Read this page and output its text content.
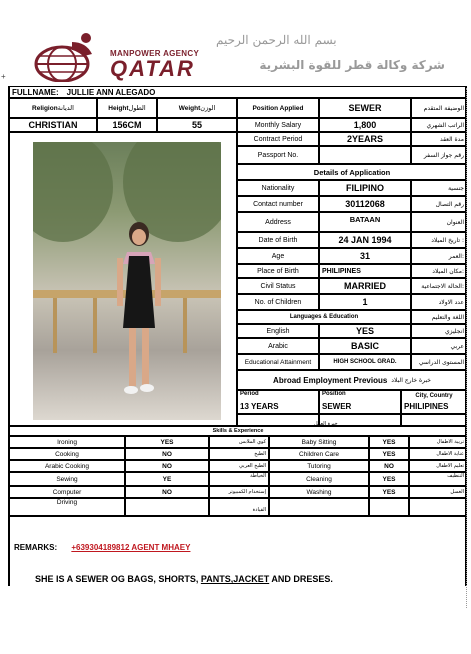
بسم الله الرحمن الرحيم
MANPOWER AGENCY
QATAR	شركة وكالة قطر للقوة البشرية
+
FULLNAME: JULLIE ANN ALEGADO
Religion الديانة	Height الطول	Weight الوزن	Position Applied	SEWER	الوضيفة المتقدم
CHRISTIAN	156CM	55	Monthly Salary	1,800	الراتب الشهري
Contract Period	2YEARS	مدة العقد
Passport No.	رقم جواز السفر
Details of Application
Nationality	FILIPINO	جنسية
Contact number	30112068	رقم التصال
Address	BATAAN	العنوان
Date of Birth	24 JAN 1994	تاريخ الميلاد :
Age	31	العمر:
Place of Birth	PHILIPINES	مكان الميلاد:
Civil Status	MARRIED	الحالة الاجتماعية:
No. of Children	1	عدد الاولاد
Languages & Education	اللغة والتعليم
English	YES	انجليزي
Arabic	BASIC	عربي
Educational Attainment	HIGH SCHOOL GRAD.	المستوى الدراسي
Abroad Employment Previous خبرة خارج البلاد
Period	Position	City, Country
13 YEARS	SEWER	PHILIPINES
Skills & Experience
خبرة العمل
Ironing	YES	كوي الملابس	Baby Sitting	YES	تربية الاطفال
Cooking	NO	الطبخ	Children Care	YES	عناية الاطفال
Arabic Cooking	NO	الطبخ العربي	Tutoring	NO	تعليم الاطفال
Sewing	YE	الخياطة	Cleaning	YES	التنظيف
Computer	NO	إستخدام الكمبيوتر	Washing	YES	الغسل
Driving
القيادة
REMARKS: +639304189812 AGENT MHAEY
SHE IS A SEWER OG BAGS, SHORTS, PANTS,JACKET AND DRESES.
